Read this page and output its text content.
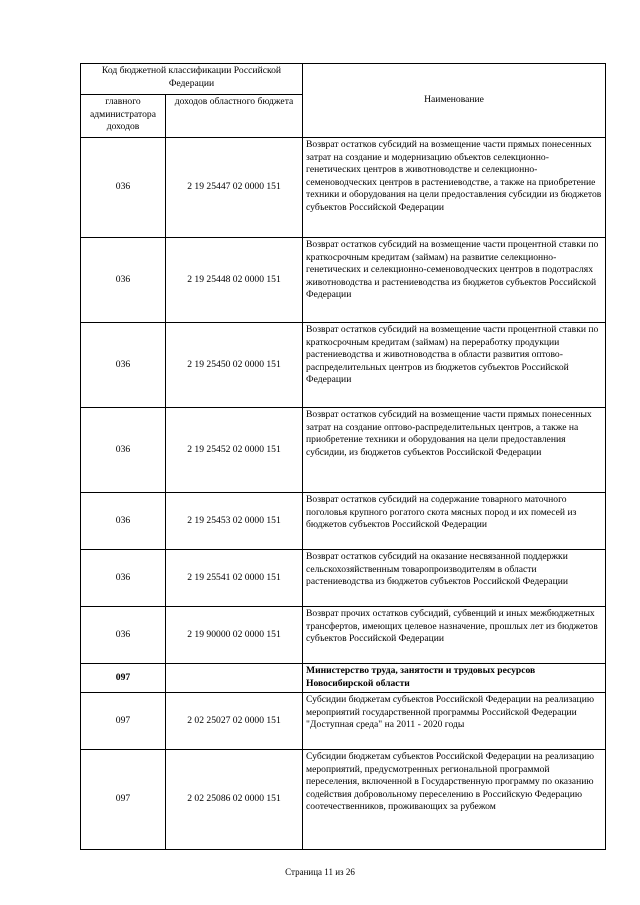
Код бюджетной классификации Российской Федерации		Наименование
главного администратора доходов	доходов областного бюджета	
036	2 19 25447 02 0000 151	Возврат остатков субсидий на возмещение части прямых понесенных затрат на создание и модернизацию объектов селекционно-генетических центров в животноводстве и селекционно-семеноводческих центров в растениеводстве, а также на приобретение техники и оборудования на цели предоставления субсидии из бюджетов субъектов Российской Федерации
036	2 19 25448 02 0000 151	Возврат остатков субсидий на возмещение части процентной ставки по краткосрочным кредитам (займам) на развитие селекционно-генетических и селекционно-семеноводческих центров в подотраслях животноводства и растениеводства из бюджетов субъектов Российской Федерации
036	2 19 25450 02 0000 151	Возврат остатков субсидий на возмещение части процентной ставки по краткосрочным кредитам (займам) на переработку продукции растениеводства и животноводства в области развития оптово-распределительных центров из бюджетов субъектов Российской Федерации
036	2 19 25452 02 0000 151	Возврат остатков субсидий на возмещение части прямых понесенных затрат на создание оптово-распределительных центров, а также на приобретение техники и оборудования на цели предоставления субсидии, из бюджетов субъектов Российской Федерации
036	2 19 25453 02 0000 151	Возврат остатков субсидий на содержание товарного маточного поголовья крупного рогатого скота мясных пород и их помесей из бюджетов субъектов Российской Федерации
036	2 19 25541 02 0000 151	Возврат остатков субсидий на оказание несвязанной поддержки сельскохозяйственным товаропроизводителям в области растениеводства из бюджетов субъектов Российской Федерации
036	2 19 90000 02 0000 151	Возврат прочих остатков субсидий, субвенций и иных межбюджетных трансфертов, имеющих целевое назначение, прошлых лет из бюджетов субъектов Российской Федерации
097		Министерство труда, занятости и трудовых ресурсов Новосибирской области
097	2 02 25027 02 0000 151	Субсидии бюджетам субъектов Российской Федерации на реализацию мероприятий государственной программы Российской Федерации "Доступная среда" на 2011 - 2020 годы
097	2 02 25086 02 0000 151	Субсидии бюджетам субъектов Российской Федерации на реализацию мероприятий, предусмотренных региональной программой переселения, включенной в Государственную программу по оказанию содействия добровольному переселению в Российскую Федерацию соотечественников, проживающих за рубежом
Страница 11 из 26
